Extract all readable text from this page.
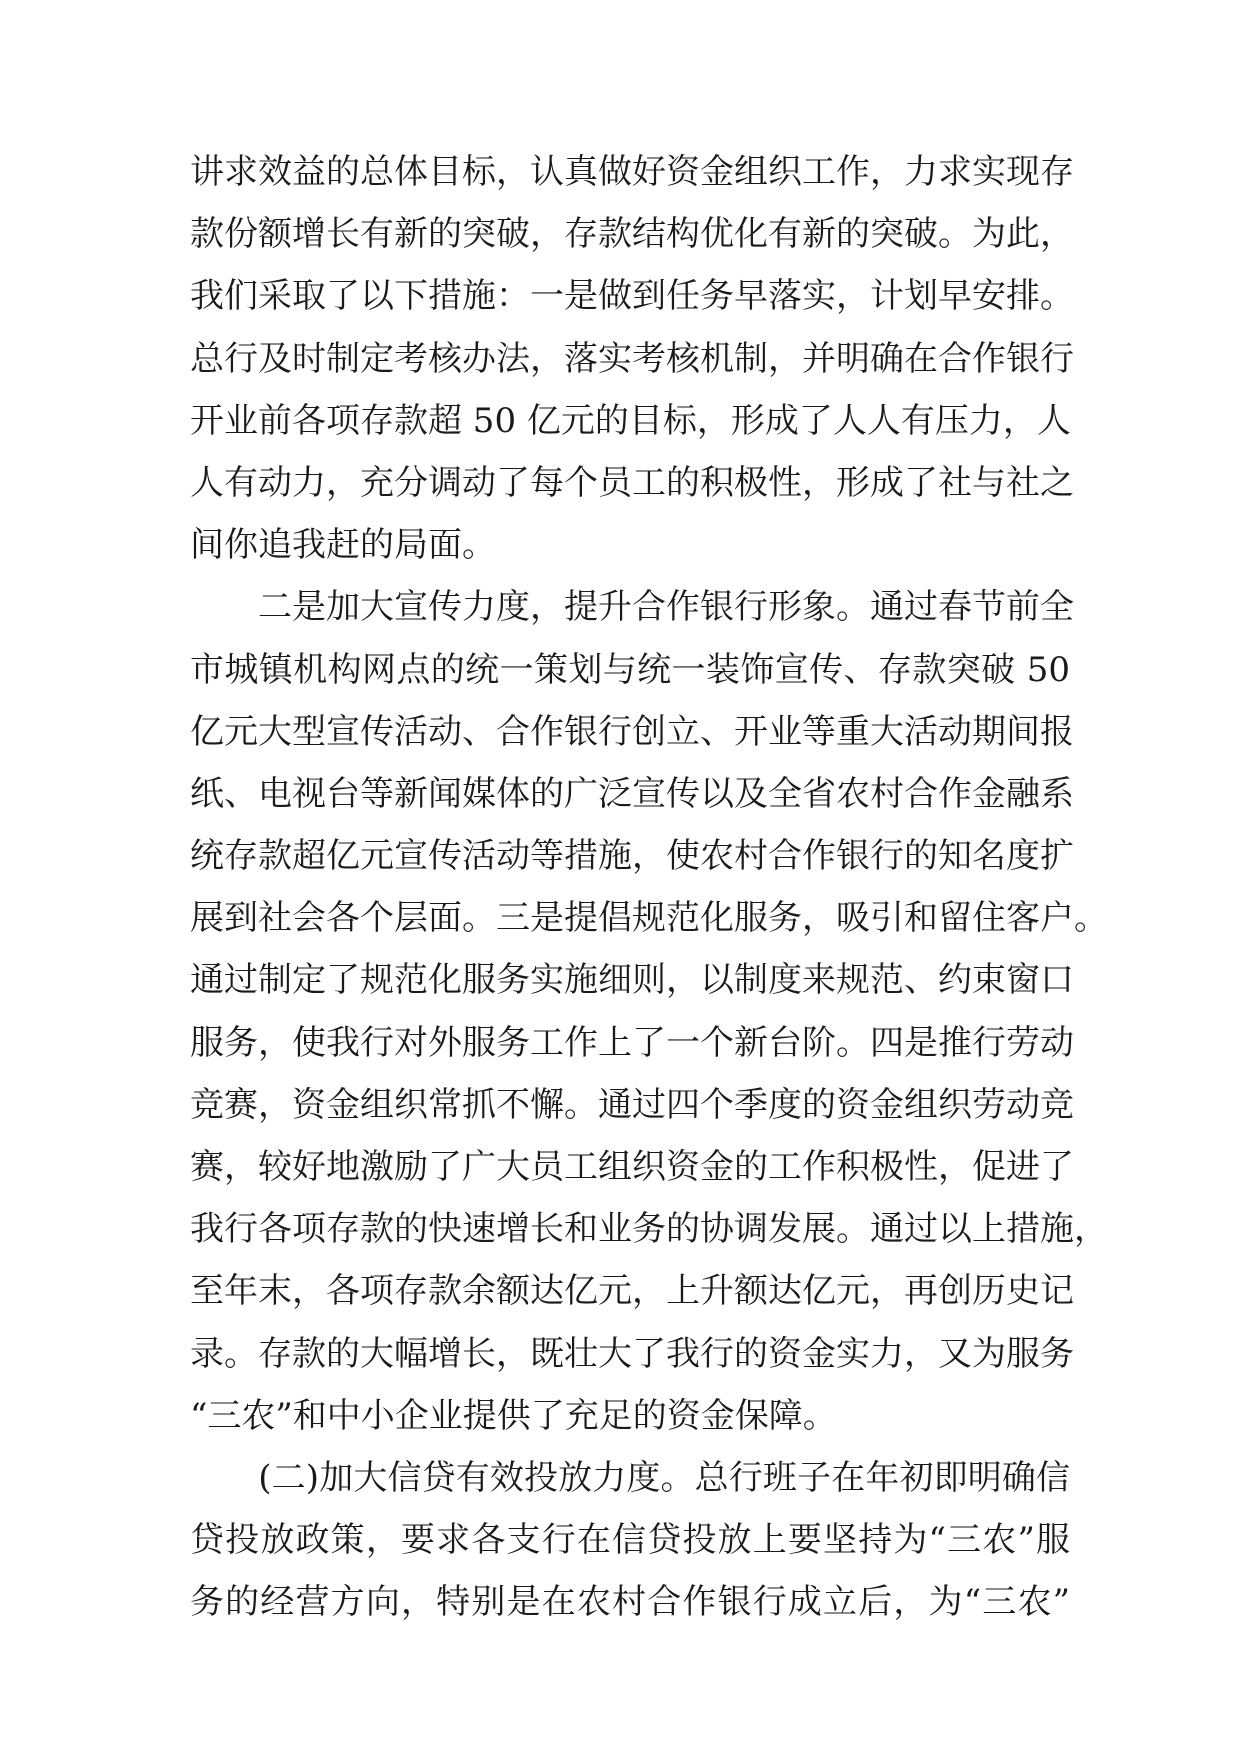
讲求效益的总体目标，认真做好资金组织工作，力求实现存
款份额增长有新的突破，存款结构优化有新的突破。为此，
我们采取了以下措施：一是做到任务早落实，计划早安排。
总行及时制定考核办法，落实考核机制，并明确在合作银行
开业前各项存款超 50 亿元的目标，形成了人人有压力，人
人有动力，充分调动了每个员工的积极性，形成了社与社之
间你追我赶的局面。
　　二是加大宣传力度，提升合作银行形象。通过春节前全
市城镇机构网点的统一策划与统一装饰宣传、存款突破 50
亿元大型宣传活动、合作银行创立、开业等重大活动期间报
纸、电视台等新闻媒体的广泛宣传以及全省农村合作金融系
统存款超亿元宣传活动等措施，使农村合作银行的知名度扩
展到社会各个层面。三是提倡规范化服务，吸引和留住客户。
通过制定了规范化服务实施细则，以制度来规范、约束窗口
服务，使我行对外服务工作上了一个新台阶。四是推行劳动
竞赛，资金组织常抓不懈。通过四个季度的资金组织劳动竞
赛，较好地激励了广大员工组织资金的工作积极性，促进了
我行各项存款的快速增长和业务的协调发展。通过以上措施，
至年末，各项存款余额达亿元，上升额达亿元，再创历史记
录。存款的大幅增长，既壮大了我行的资金实力，又为服务
“三农”和中小企业提供了充足的资金保障。
　　(二)加大信贷有效投放力度。总行班子在年初即明确信
贷投放政策，要求各支行在信贷投放上要坚持为“三农”服
务的经营方向，特别是在农村合作银行成立后，为“三农”
